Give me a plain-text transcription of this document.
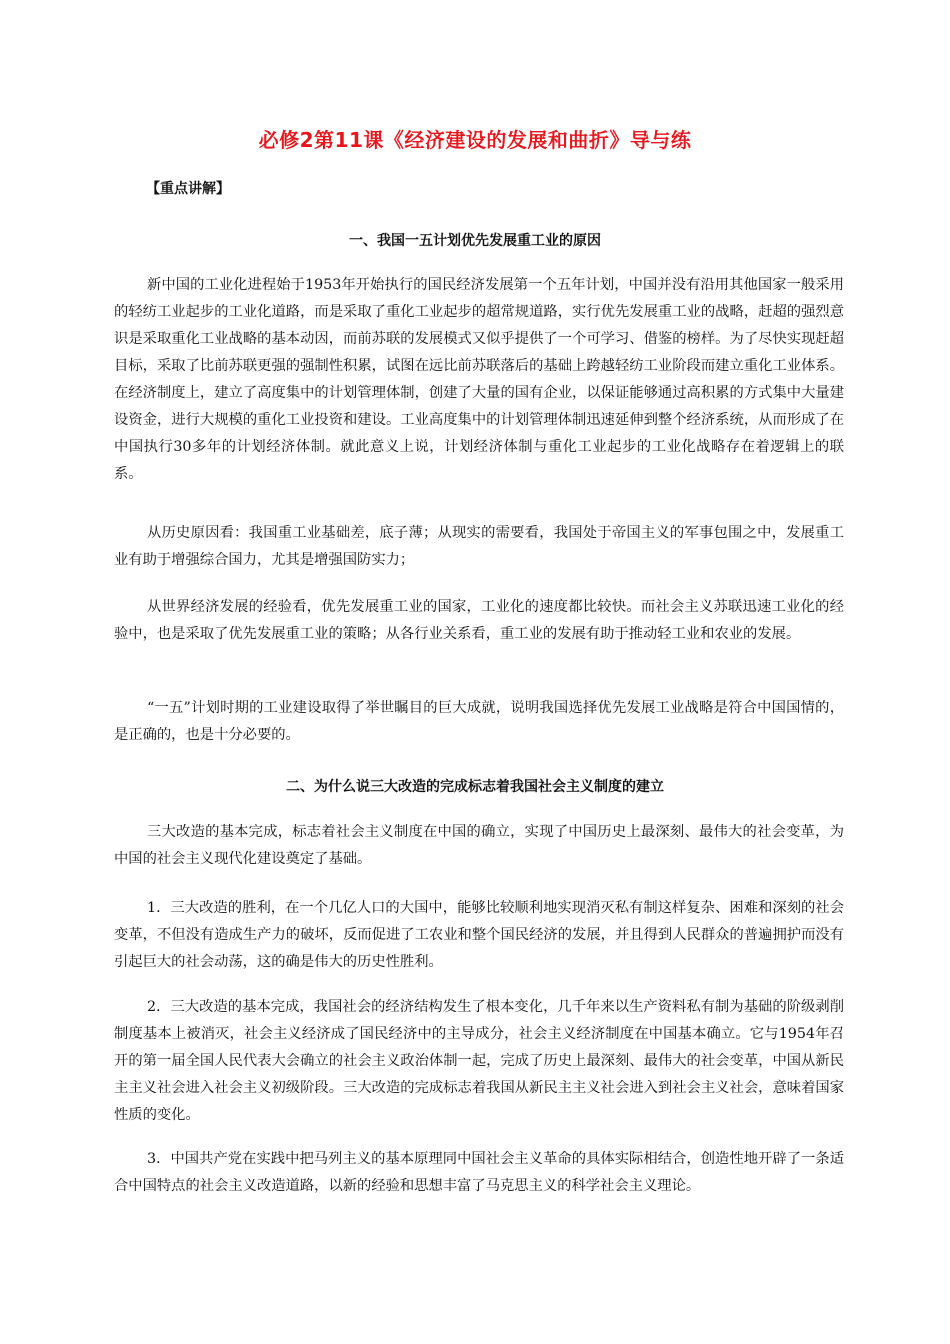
必修2第11课《经济建设的发展和曲折》导与练
【重点讲解】
一、我国一五计划优先发展重工业的原因

新中国的工业化进程始于1953年开始执行的国民经济发展第一个五年计划，中国并没有沿用其他国家一般采用的轻纺工业起步的工业化道路，而是采取了重化工业起步的超常规道路，实行优先发展重工业的战略，赶超的强烈意识是采取重化工业战略的基本动因，而前苏联的发展模式又似乎提供了一个可学习、借鉴的榜样。为了尽快实现赶超目标，采取了比前苏联更强的强制性积累，试图在远比前苏联落后的基础上跨越轻纺工业阶段而建立重化工业体系。在经济制度上，建立了高度集中的计划管理体制，创建了大量的国有企业，以保证能够通过高积累的方式集中大量建设资金，进行大规模的重化工业投资和建设。工业高度集中的计划管理体制迅速延伸到整个经济系统，从而形成了在中国执行30多年的计划经济体制。就此意义上说，计划经济体制与重化工业起步的工业化战略存在着逻辑上的联系。

从历史原因看：我国重工业基础差，底子薄；从现实的需要看，我国处于帝国主义的军事包围之中，发展重工业有助于增强综合国力，尤其是增强国防实力；

从世界经济发展的经验看，优先发展重工业的国家，工业化的速度都比较快。而社会主义苏联迅速工业化的经验中，也是采取了优先发展重工业的策略；从各行业关系看，重工业的发展有助于推动轻工业和农业的发展。

“一五”计划时期的工业建设取得了举世瞩目的巨大成就，说明我国选择优先发展工业战略是符合中国国情的，是正确的，也是十分必要的。

二、为什么说三大改造的完成标志着我国社会主义制度的建立

三大改造的基本完成，标志着社会主义制度在中国的确立，实现了中国历史上最深刻、最伟大的社会变革，为中国的社会主义现代化建设奠定了基础。

1．三大改造的胜利，在一个几亿人口的大国中，能够比较顺利地实现消灭私有制这样复杂、困难和深刻的社会变革，不但没有造成生产力的破坏，反而促进了工农业和整个国民经济的发展，并且得到人民群众的普遍拥护而没有引起巨大的社会动荡，这的确是伟大的历史性胜利。

2．三大改造的基本完成，我国社会的经济结构发生了根本变化，几千年来以生产资料私有制为基础的阶级剥削制度基本上被消灭，社会主义经济成了国民经济中的主导成分，社会主义经济制度在中国基本确立。它与1954年召开的第一届全国人民代表大会确立的社会主义政治体制一起，完成了历史上最深刻、最伟大的社会变革，中国从新民主主义社会进入社会主义初级阶段。三大改造的完成标志着我国从新民主主义社会进入到社会主义社会，意味着国家性质的变化。

3．中国共产党在实践中把马列主义的基本原理同中国社会主义革命的具体实际相结合，创造性地开辟了一条适合中国特点的社会主义改造道路，以新的经验和思想丰富了马克思主义的科学社会主义理论。
